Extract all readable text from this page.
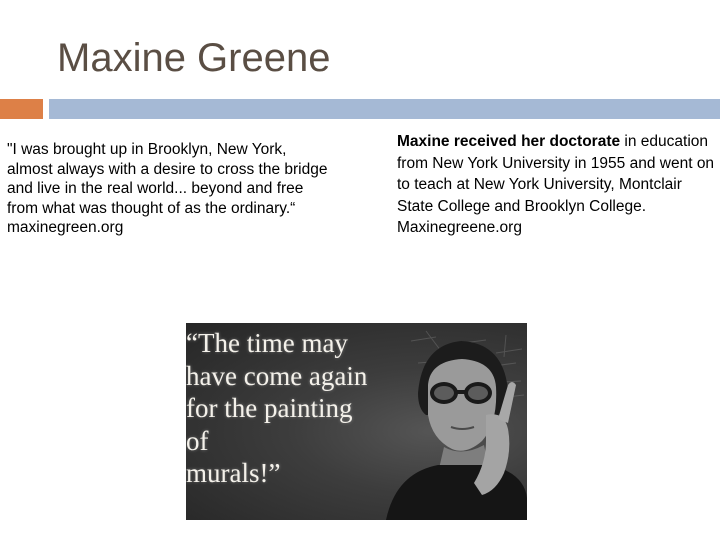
Maxine Greene
"I was brought up in Brooklyn, New York, almost always with a desire to cross the bridge and live in the real world... beyond and free from what was thought of as the ordinary.“
maxinegreen.org
Maxine received her doctorate in education from New York University in 1955 and went on to teach at New York University, Montclair State College and Brooklyn College.
Maxinegreene.org
“The time may
have come again
for the painting
of
murals!”
